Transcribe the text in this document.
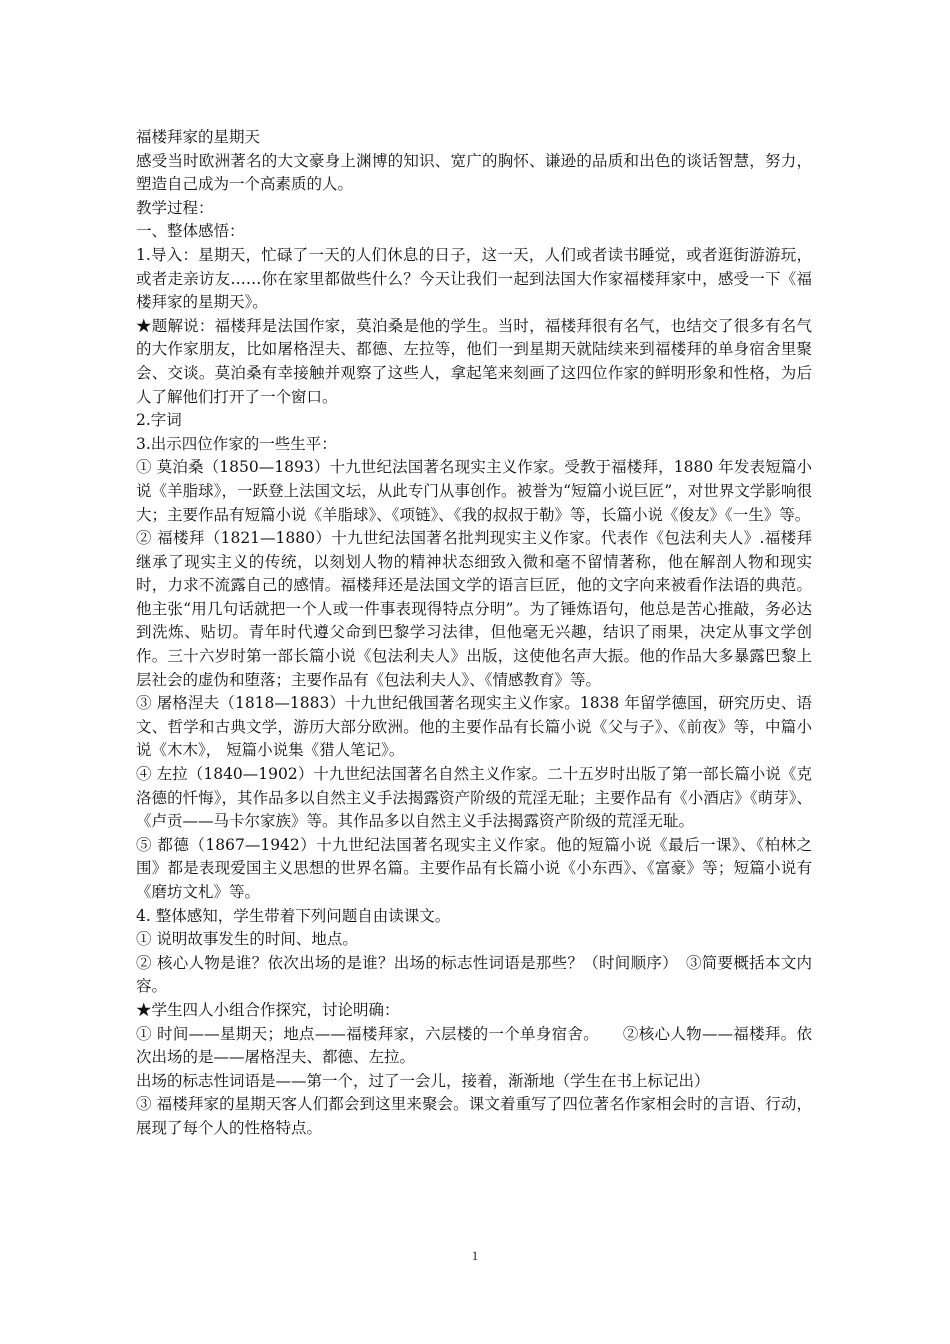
福楼拜家的星期天

感受当时欧洲著名的大文豪身上渊博的知识、宽广的胸怀、谦逊的品质和出色的谈话智慧，努力，塑造自己成为一个高素质的人。

教学过程：

一、整体感悟：

1.导入：星期天，忙碌了一天的人们休息的日子，这一天，人们或者读书睡觉，或者逛街游游玩，或者走亲访友……你在家里都做些什么？今天让我们一起到法国大作家福楼拜家中，感受一下《福楼拜家的星期天》。

★题解说：福楼拜是法国作家，莫泊桑是他的学生。当时，福楼拜很有名气，也结交了很多有名气的大作家朋友，比如屠格涅夫、都德、左拉等，他们一到星期天就陆续来到福楼拜的单身宿舍里聚会、交谈。莫泊桑有幸接触并观察了这些人，拿起笔来刻画了这四位作家的鲜明形象和性格，为后人了解他们打开了一个窗口。

2.字词

3.出示四位作家的一些生平：

① 莫泊桑（1850—1893）十九世纪法国著名现实主义作家。受教于福楼拜，1880 年发表短篇小说《羊脂球》，一跃登上法国文坛，从此专门从事创作。被誉为“短篇小说巨匠”，对世界文学影响很大；主要作品有短篇小说《羊脂球》、《项链》、《我的叔叔于勒》等，长篇小说《俊友》《一生》等。

② 福楼拜（1821—1880）十九世纪法国著名批判现实主义作家。代表作《包法利夫人》.福楼拜继承了现实主义的传统，以刻划人物的精神状态细致入微和毫不留情著称，他在解剖人物和现实时，力求不流露自己的感情。福楼拜还是法国文学的语言巨匠，他的文字向来被看作法语的典范。他主张“用几句话就把一个人或一件事表现得特点分明”。为了锤炼语句，他总是苦心推敲，务必达到洗炼、贴切。青年时代遵父命到巴黎学习法律，但他毫无兴趣，结识了雨果，决定从事文学创作。三十六岁时第一部长篇小说《包法利夫人》出版，这使他名声大振。他的作品大多暴露巴黎上层社会的虚伪和堕落；主要作品有《包法利夫人》、《情感教育》等。

③ 屠格涅夫（1818—1883）十九世纪俄国著名现实主义作家。1838 年留学德国，研究历史、语文、哲学和古典文学，游历大部分欧洲。他的主要作品有长篇小说《父与子》、《前夜》等，中篇小说《木木》， 短篇小说集《猎人笔记》。

④ 左拉（1840—1902）十九世纪法国著名自然主义作家。二十五岁时出版了第一部长篇小说《克洛德的忏悔》，其作品多以自然主义手法揭露资产阶级的荒淫无耻；主要作品有《小酒店》《萌芽》、《卢贡——马卡尔家族》等。其作品多以自然主义手法揭露资产阶级的荒淫无耻。

⑤ 都德（1867—1942）十九世纪法国著名现实主义作家。他的短篇小说《最后一课》、《柏林之围》都是表现爱国主义思想的世界名篇。主要作品有长篇小说《小东西》、《富豪》等；短篇小说有《磨坊文札》等。

4. 整体感知，学生带着下列问题自由读课文。

① 说明故事发生的时间、地点。

② 核心人物是谁？依次出场的是谁？出场的标志性词语是那些？（时间顺序）　③简要概括本文内容。

★学生四人小组合作探究，讨论明确：

① 时间——星期天；地点——福楼拜家，六层楼的一个单身宿舍。　　②核心人物——福楼拜。依次出场的是——屠格涅夫、都德、左拉。

出场的标志性词语是——第一个，过了一会儿，接着，渐渐地（学生在书上标记出）

③ 福楼拜家的星期天客人们都会到这里来聚会。课文着重写了四位著名作家相会时的言语、行动，展现了每个人的性格特点。

1
